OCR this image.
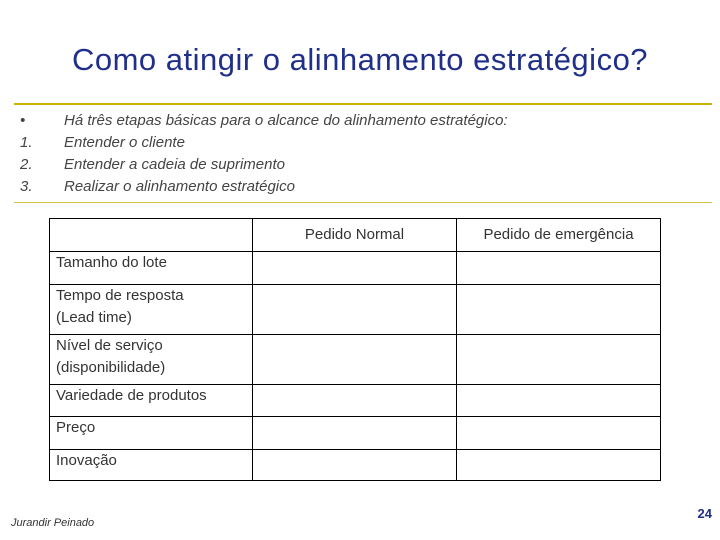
Como atingir o alinhamento estratégico?
•	Há três etapas básicas para o alcance do alinhamento estratégico:
1.	Entender o cliente
2.	Entender a cadeia de suprimento
3.	Realizar o alinhamento estratégico
	Pedido Normal	Pedido de emergência

Tamanho do lote		

Tempo de resposta
(Lead time)		

Nível de serviço
(disponibilidade)		

Variedade de produtos		

Preço		

Inovação		

Jurandir Peinado
24
